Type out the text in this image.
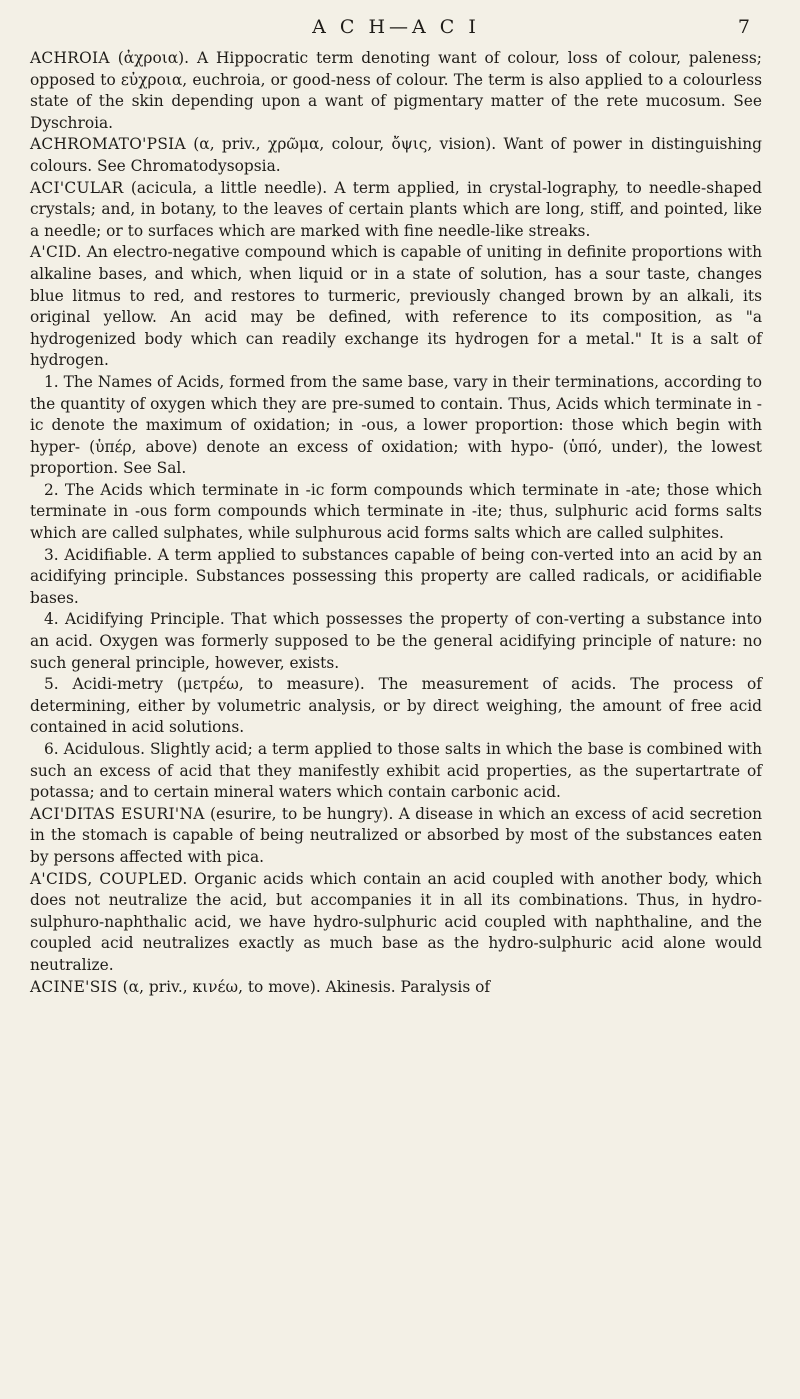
A C H—A C I	7

ACHROIA (ἀχροια). A Hippocratic term denoting want of colour, loss of colour, paleness; opposed to εὐχροια, euchroia, or good-ness of colour. The term is also applied to a colourless state of the skin depending upon a want of pigmentary matter of the rete mucosum. See Dyschroia.

ACHROMATO'PSIA (α, priv., χρῶμα, colour, ὄψις, vision). Want of power in distinguishing colours. See Chromatodysopsia.

ACI'CULAR (acicula, a little needle). A term applied, in crystal-lography, to needle-shaped crystals; and, in botany, to the leaves of certain plants which are long, stiff, and pointed, like a needle; or to surfaces which are marked with fine needle-like streaks.

A'CID. An electro-negative compound which is capable of uniting in definite proportions with alkaline bases, and which, when liquid or in a state of solution, has a sour taste, changes blue litmus to red, and restores to turmeric, previously changed brown by an alkali, its original yellow. An acid may be defined, with reference to its composition, as "a hydrogenized body which can readily exchange its hydrogen for a metal." It is a salt of hydrogen.

1. The Names of Acids, formed from the same base, vary in their terminations, according to the quantity of oxygen which they are pre-sumed to contain. Thus, Acids which terminate in -ic denote the maximum of oxidation; in -ous, a lower proportion: those which begin with hyper- (ὑπέρ, above) denote an excess of oxidation; with hypo- (ὑπό, under), the lowest proportion. See Sal.

2. The Acids which terminate in -ic form compounds which terminate in -ate; those which terminate in -ous form compounds which terminate in -ite; thus, sulphuric acid forms salts which are called sulphates, while sulphurous acid forms salts which are called sulphites.

3. Acidifiable. A term applied to substances capable of being con-verted into an acid by an acidifying principle. Substances possessing this property are called radicals, or acidifiable bases.

4. Acidifying Principle. That which possesses the property of con-verting a substance into an acid. Oxygen was formerly supposed to be the general acidifying principle of nature: no such general principle, however, exists.

5. Acidi-metry (μετρέω, to measure). The measurement of acids. The process of determining, either by volumetric analysis, or by direct weighing, the amount of free acid contained in acid solutions.

6. Acidulous. Slightly acid; a term applied to those salts in which the base is combined with such an excess of acid that they manifestly exhibit acid properties, as the supertartrate of potassa; and to certain mineral waters which contain carbonic acid.

ACI'DITAS ESURI'NA (esurire, to be hungry). A disease in which an excess of acid secretion in the stomach is capable of being neutralized or absorbed by most of the substances eaten by persons affected with pica.

A'CIDS, COUPLED. Organic acids which contain an acid coupled with another body, which does not neutralize the acid, but accompanies it in all its combinations. Thus, in hydro-sulphuro-naphthalic acid, we have hydro-sulphuric acid coupled with naphthaline, and the coupled acid neutralizes exactly as much base as the hydro-sulphuric acid alone would neutralize.

ACINE'SIS (α, priv., κινέω, to move). Akinesis. Paralysis of
